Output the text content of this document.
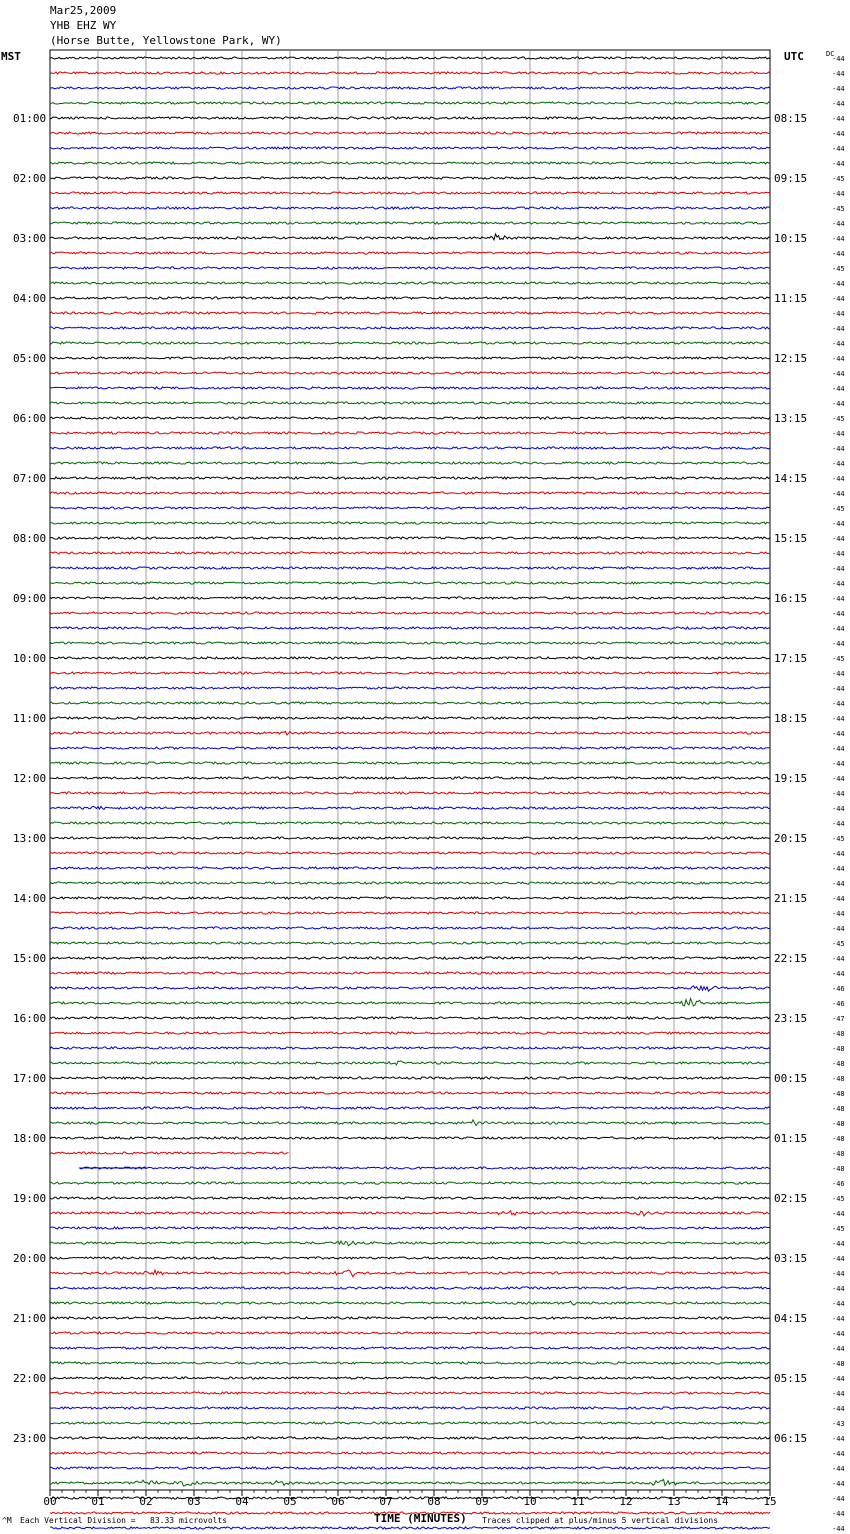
Mar25,2009
YHB EHZ WY
(Horse Butte, Yellowstone Park, WY)
MST	UTC	DC
00	01	02	03	04	05	06	07	08	09	10	11	12	13	14	15
-44
-44
-44
-44
-44
-44
-44
-44
-45
-44
-45
-44
-44
-44
-45
-44
-44
-44
-44
-44
-44
-44
-44
-44
-45
-44
-44
-44
-44
-44
-45
-44
-44
-44
-44
-44
-44
-44
-44
-44
-45
-44
-44
-44
-44
-44
-44
-44
-44
-44
-44
-44
-45
-44
-44
-44
-44
-44
-44
-45
-44
-44
-46
-46
-47
-48
-48
-48
-48
-48
-48
-48
-48
-48
-48
-46
-45
-44
-45
-44
-44
-44
-44
-44
-44
-44
-44
-48
-44
-44
-44
-43
-44
-44
-44
-44
-44
-44
-44
01:00
02:00
03:00
04:00
05:00
06:00
07:00
08:00
09:00
10:00
11:00
12:00
13:00
14:00
15:00
16:00
17:00
18:00
19:00
20:00
21:00
22:00
23:00
08:15
09:15
10:15
11:15
12:15
13:15
14:15
15:15
16:15
17:15
18:15
19:15
20:15
21:15
22:15
23:15
00:15
01:15
02:15
03:15
04:15
05:15
06:15
^M Each Vertical Division =   83.33 microvolts	TIME (MINUTES) Traces clipped at plus/minus 5 vertical divisions
